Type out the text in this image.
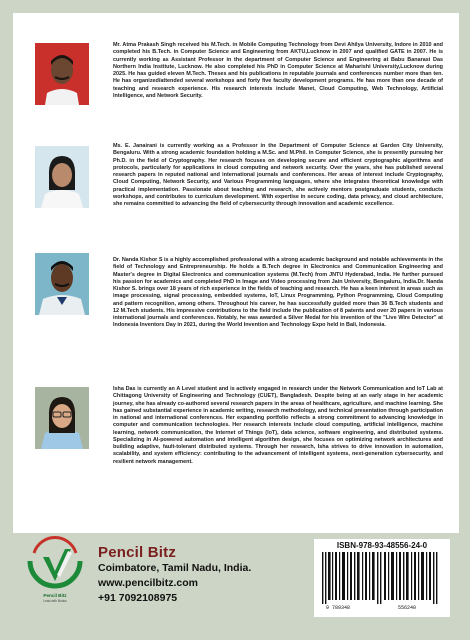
Mr. Atma Prakash Singh received his M.Tech. in Mobile Computing Technology from Devi Ahilya University, Indore in 2010 and completed his B.Tech. in Computer Science and Engineering from AKTU,Lucknow in 2007 and qualified GATE in 2007. He is currently working as Assistant Professor in the department of Computer Science and Engineering at Babu Banarasi Das Northern India Institute, Lucknow. He also completed his PhD in Computer Science at Maharishi University,Lucknow during 2025. He has guided eleven M.Tech. Theses and his publications in reputable journals and conferences number more than ten. He has organized/attended several workshops and forty five faculty development programs. He has more than one decade of teaching and research experience. His research interests include Manet, Cloud Computing, Web Technology, Artificial Intelligence, and Network Security.

Ms. E. Janairani is currently working as a Professor in the Department of Computer Science at Garden City University, Bengaluru. With a strong academic foundation holding a M.Sc. and M.Phil. in Computer Science, she is presently pursuing her Ph.D. in the field of Cryptography. Her research focuses on developing secure and efficient cryptographic algorithms and protocols, particularly for applications in cloud computing and network security. Over the years, she has published several research papers in reputed national and international journals and conferences. Her areas of interest include Cryptography, Cloud Computing, Network Security, and Various Programming languages, where she integrates theoretical knowledge with practical implementation. Passionate about teaching and research, she actively mentors postgraduate students, conducts workshops, and contributes to curriculum development. With expertise in secure coding, data privacy, and cloud architecture, she remains committed to advancing the field of cybersecurity through innovation and academic excellence.

Dr. Nanda Kishor S is a highly accomplished professional with a strong academic background and notable achievements in the field of Technology and Entrepreneurship. He holds a B.Tech degree in Electronics and Communication Engineering and Master's degree in Digital Electronics and communication systems (M.Tech) from JNTU Hyderabad, India. He further pursued his passion for academics and completed PhD in Image and Video processing from Jain University, Bengaluru, India.Dr. Nanda Kishor S. brings over 18 years of rich experience in the fields of teaching and research. He has a keen interest in areas such as image processing, signal processing, embedded systems, IoT, Linux Programming, Python Programming, Cloud Computing and pattern recognition, among others. Throughout his career, he has successfully guided more than 36 B.Tech students and 12 M.Tech students. His impressive contributions to the field include the publication of 8 patents and over 20 papers in various international journals and conferences. Notably, he was awarded a Silver Medal for his invention of the "Live Wire Detector" at Indonesia Inventors Day in 2021, during the World Invention and Technology Expo held in Bali, Indonesia.

Isha Das is currently an A Level student and is actively engaged in research under the Network Communication and IoT Lab at Chittagong University of Engineering and Technology (CUET), Bangladesh. Despite being at an early stage in her academic journey, she has already co-authored several research papers in the areas of healthcare, agriculture, and machine learning. She has gained substantial experience in academic writing, research methodology, and technical presentation through participation in national and international conferences. Her expanding portfolio reflects a strong commitment to advancing knowledge in computer and communication technologies. Her research interests include cloud computing, artificial intelligence, machine learning, network communication, the Internet of Things (IoT), data science, software engineering, and distributed systems. Specializing in AI-powered automation and intelligent algorithm design, she focuses on optimizing network architectures and building adaptive, fault-tolerant distributed systems. Through her research, Isha strives to drive innovation in automation, scalability, and system efficiency: contributing to the advancement of intelligent systems, next-generation cybersecurity, and resilient network management.

Pencil Bitz
Lead with Books
Pencil Bitz
Coimbatore, Tamil Nadu, India.
www.pencilbitz.com
+91 7092108975
ISBN-978-93-48556-24-0
9 789348	556240
